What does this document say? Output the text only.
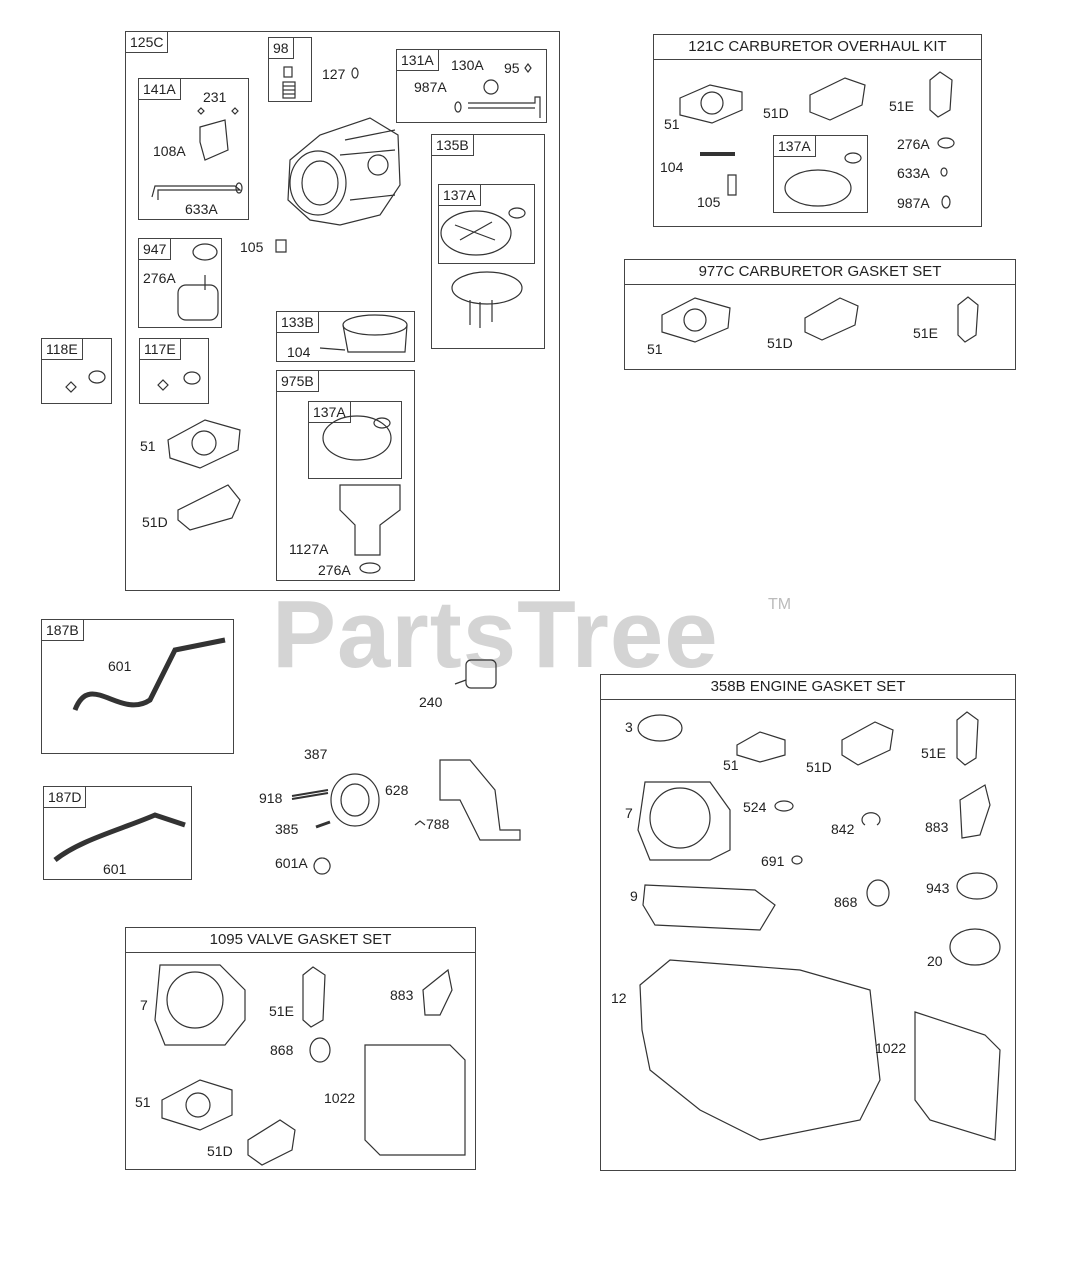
PartsTree	TM
125C	98
131A
141A
135B
137A
947
133B
117E
975B
137A
118E
121C CARBURETOR OVERHAUL KIT
137A
977C CARBURETOR GASKET SET
187B
187D
358B ENGINE GASKET SET
1095 VALVE GASKET SET
127
130A 95
987A
231
108A
633A
105
276A
104
51
51D
1127A
276A
51
51D	51E
104
105
276A
633A
987A
51	51D
51E
601
601
240
387
918	628
385	788
601A
7	51E
883
868
1022
51
51D
3
51	51D
51E
7	524
842	883
691
9	868
943
20
12
1022
